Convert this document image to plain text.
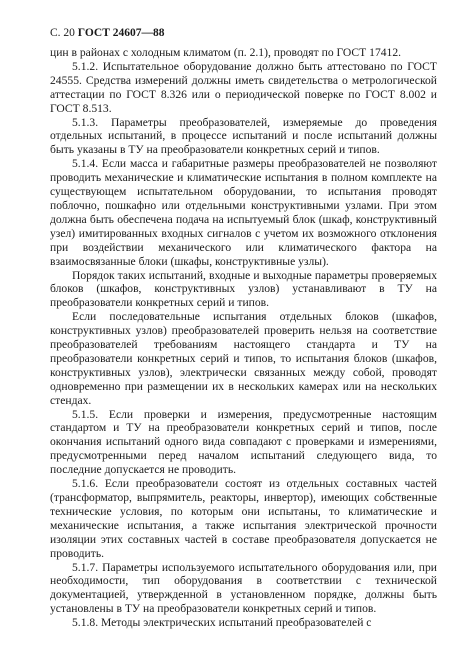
С. 20 ГОСТ 24607—88

цин в районах с холодным климатом (п. 2.1), проводят по ГОСТ 17412.

5.1.2. Испытательное оборудование должно быть аттестовано по ГОСТ 24555. Средства измерений должны иметь свидетельства о метрологической аттестации по ГОСТ 8.326 или о периодической поверке по ГОСТ 8.002 и ГОСТ 8.513.

5.1.3. Параметры преобразователей, измеряемые до проведения отдельных испытаний, в процессе испытаний и после испытаний должны быть указаны в ТУ на преобразователи конкретных серий и типов.

5.1.4. Если масса и габаритные размеры преобразователей не позволяют проводить механические и климатические испытания в полном комплекте на существующем испытательном оборудовании, то испытания проводят поблочно, пошкафно или отдельными конструктивными узлами. При этом должна быть обеспечена подача на испытуемый блок (шкаф, конструктивный узел) имитированных входных сигналов с учетом их возможного отклонения при воздействии механического или климатического фактора на взаимосвязанные блоки (шкафы, конструктивные узлы).

Порядок таких испытаний, входные и выходные параметры проверяемых блоков (шкафов, конструктивных узлов) устанавливают в ТУ на преобразователи конкретных серий и типов.

Если последовательные испытания отдельных блоков (шкафов, конструктивных узлов) преобразователей проверить нельзя на соответствие преобразователей требованиям настоящего стандарта и ТУ на преобразователи конкретных серий и типов, то испытания блоков (шкафов, конструктивных узлов), электрически связанных между собой, проводят одновременно при размещении их в нескольких камерах или на нескольких стендах.

5.1.5. Если проверки и измерения, предусмотренные настоящим стандартом и ТУ на преобразователи конкретных серий и типов, после окончания испытаний одного вида совпадают с проверками и измерениями, предусмотренными перед началом испытаний следующего вида, то последние допускается не проводить.

5.1.6. Если преобразователи состоят из отдельных составных частей (трансформатор, выпрямитель, реакторы, инвертор), имеющих собственные технические условия, по которым они испытаны, то климатические и механические испытания, а также испытания электрической прочности изоляции этих составных частей в составе преобразователя допускается не проводить.

5.1.7. Параметры используемого испытательного оборудования или, при необходимости, тип оборудования в соответствии с технической документацией, утвержденной в установленном порядке, должны быть установлены в ТУ на преобразователи конкретных серий и типов.

5.1.8. Методы электрических испытаний преобразователей с
